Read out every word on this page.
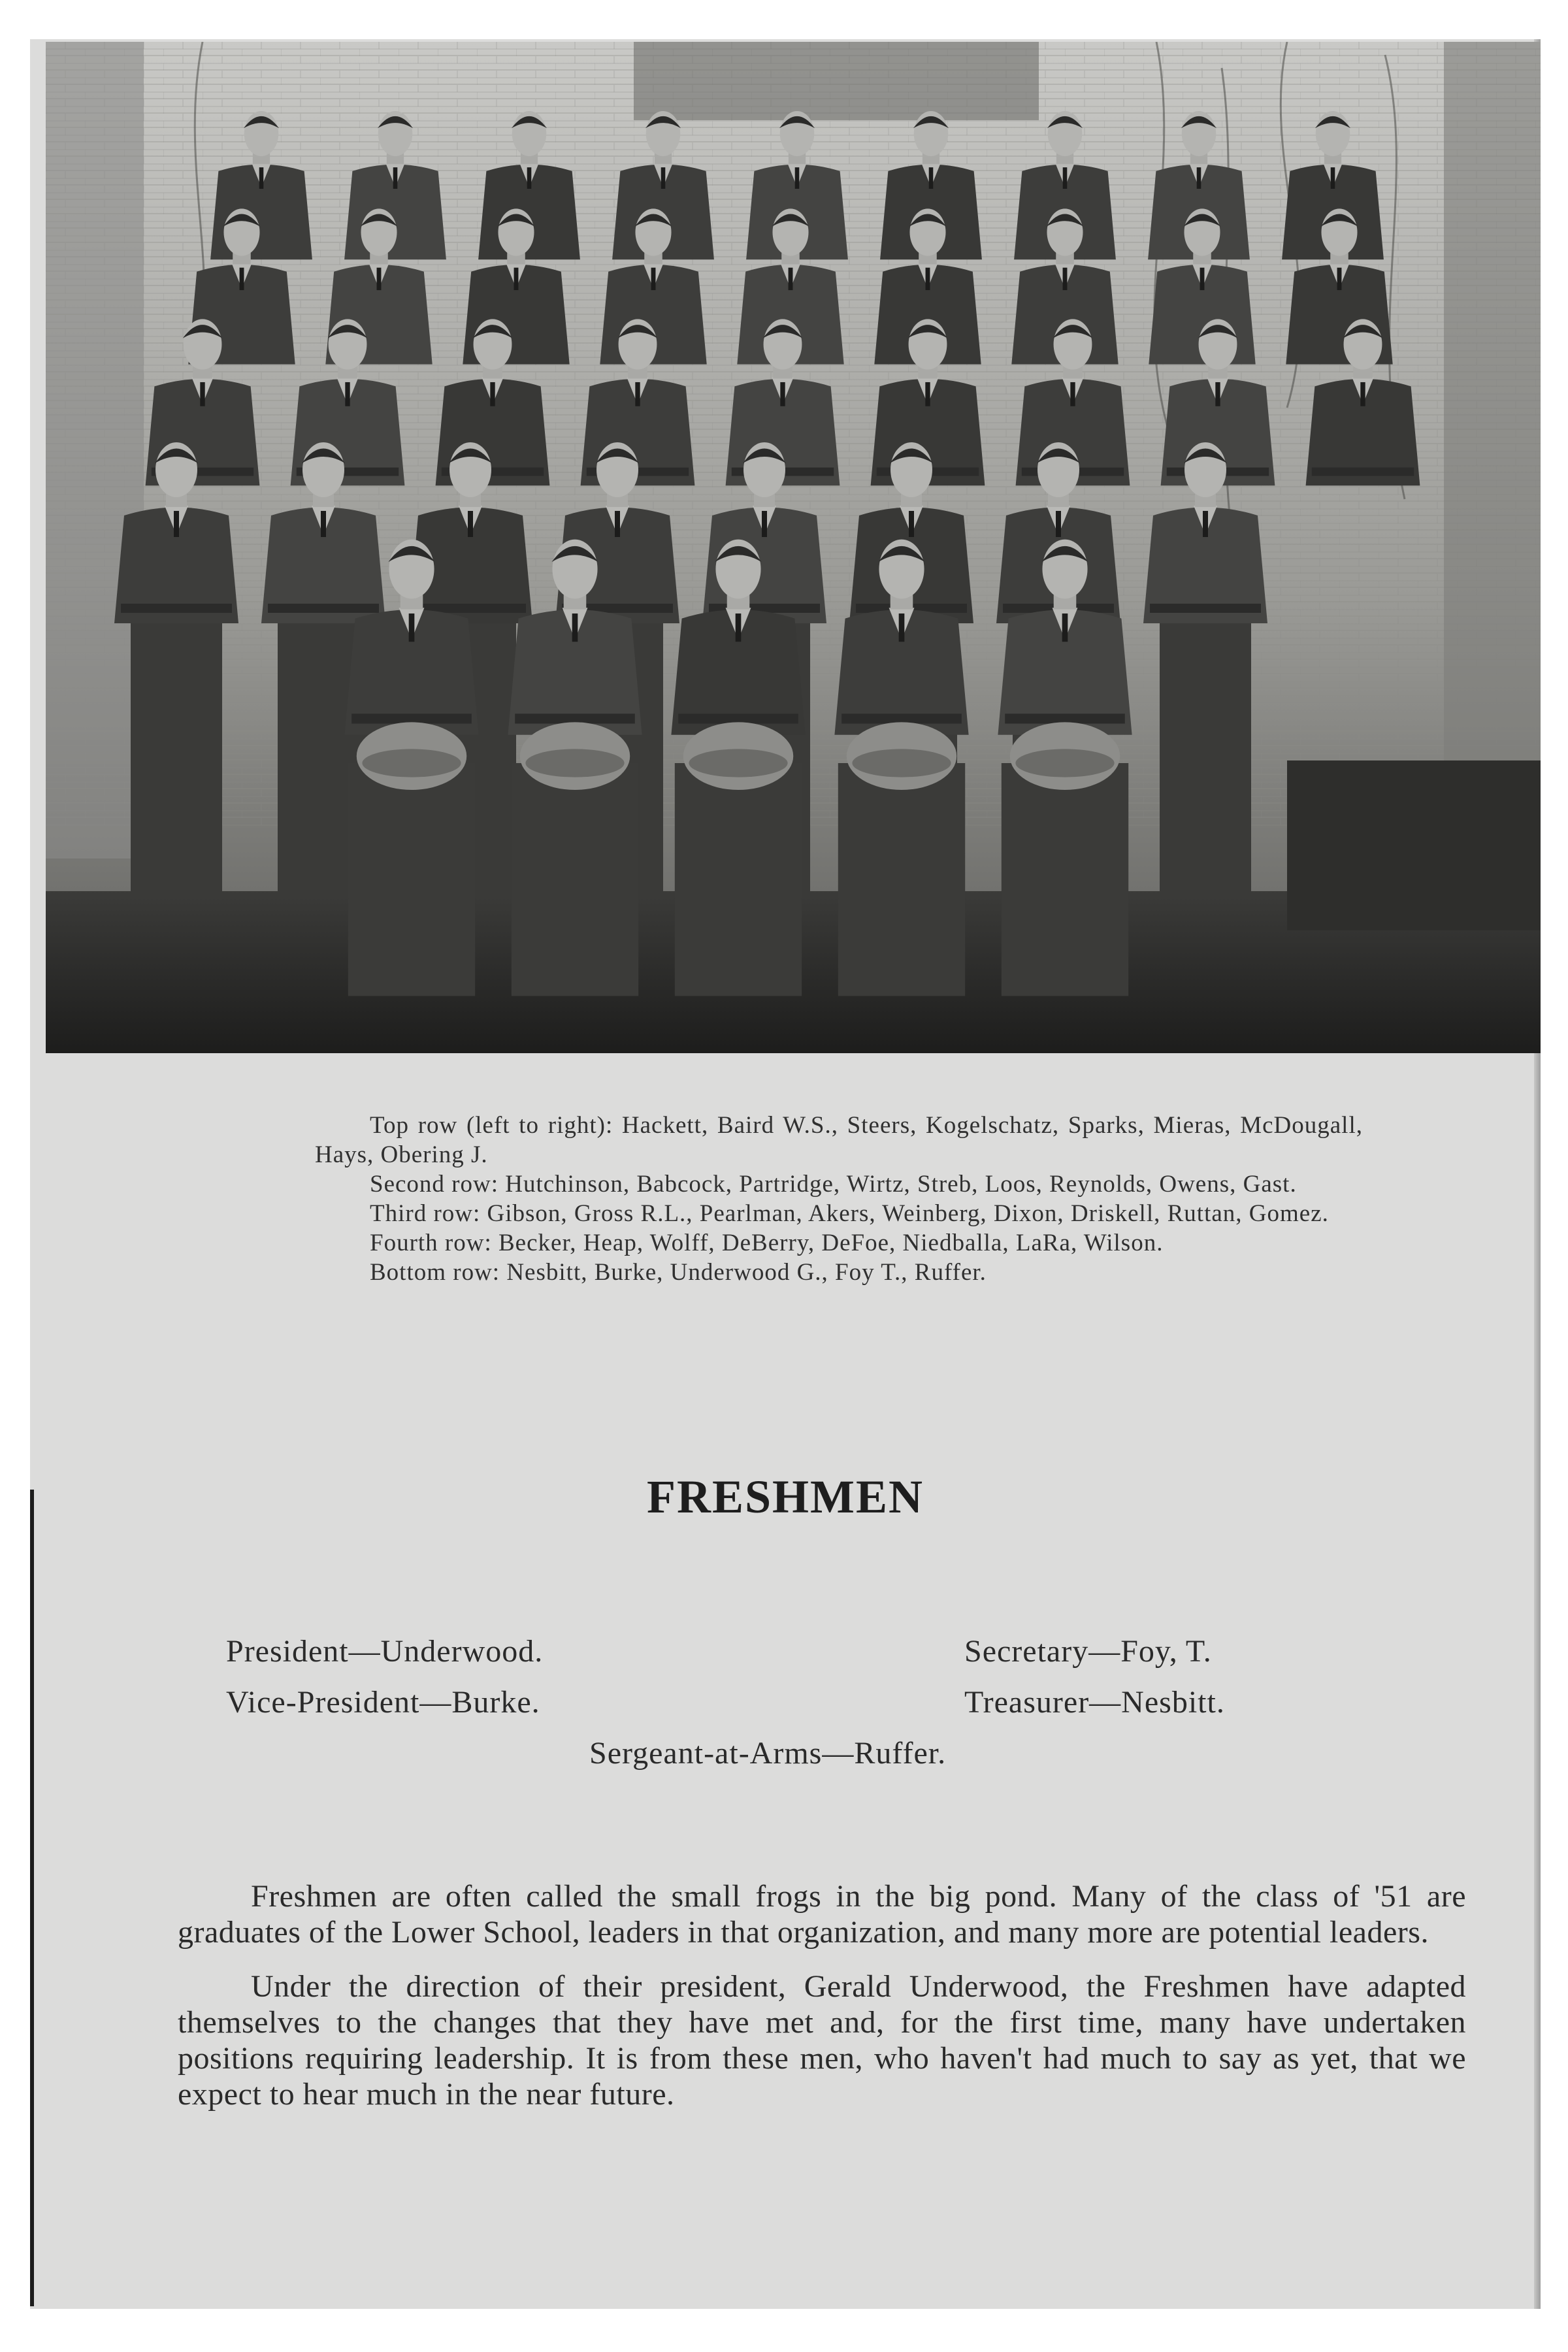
Top row (left to right): Hackett, Baird W.S., Steers, Kogelschatz, Sparks, Mieras, McDougall, Hays, Obering J.

Second row: Hutchinson, Babcock, Partridge, Wirtz, Streb, Loos, Reynolds, Owens, Gast.

Third row: Gibson, Gross R.L., Pearlman, Akers, Weinberg, Dixon, Driskell, Ruttan, Gomez.

Fourth row: Becker, Heap, Wolff, DeBerry, DeFoe, Niedballa, LaRa, Wilson.

Bottom row: Nesbitt, Burke, Underwood G., Foy T., Ruffer.

FRESHMEN
President—Underwood.
Vice-President—Burke.
Secretary—Foy, T.
Treasurer—Nesbitt.
Sergeant-at-Arms—Ruffer.

Freshmen are often called the small frogs in the big pond. Many of the class of '51 are graduates of the Lower School, leaders in that organization, and many more are potential leaders.

Under the direction of their president, Gerald Underwood, the Freshmen have adapted themselves to the changes that they have met and, for the first time, many have undertaken positions requiring leadership. It is from these men, who haven't had much to say as yet, that we expect to hear much in the near future.
